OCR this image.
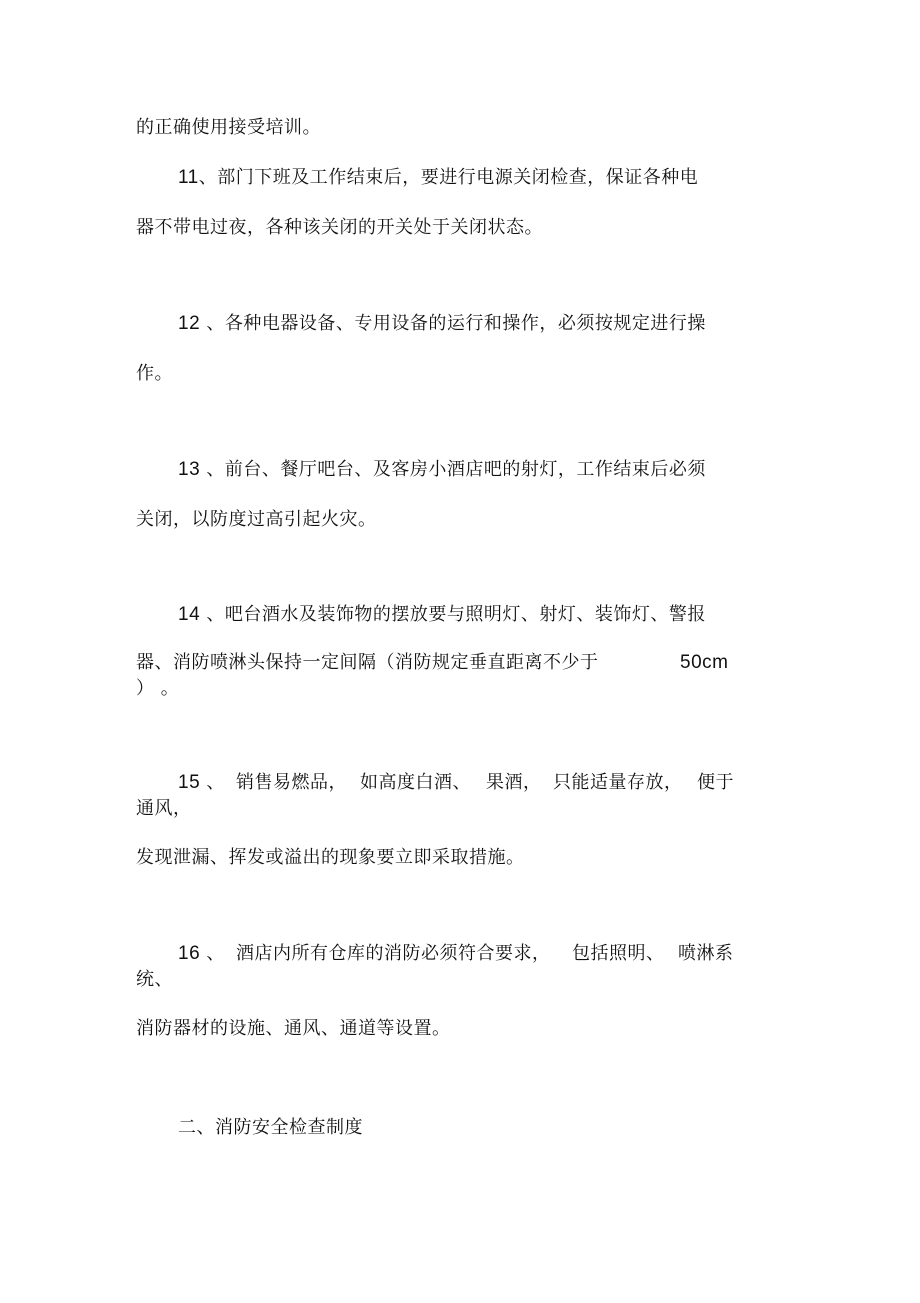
的正确使用接受培训。
11、部门下班及工作结束后，要进行电源关闭检查，保证各种电
器不带电过夜，各种该关闭的开关处于关闭状态。
12 、各种电器设备、专用设备的运行和操作，必须按规定进行操
作。
13 、前台、餐厅吧台、及客房小酒店吧的射灯，工作结束后必须
关闭，以防度过高引起火灾。
14 、吧台酒水及装饰物的摆放要与照明灯、射灯、装饰灯、警报
器、消防喷淋头保持一定间隔（消防规定垂直距离不少于	50cm
） 。
15 、 销售易燃品， 如高度白酒、 果酒， 只能适量存放， 便于
通风，
发现泄漏、挥发或溢出的现象要立即采取措施。
16 、 酒店内所有仓库的消防必须符合要求， 包括照明、 喷淋系
统、
消防器材的设施、通风、通道等设置。
二、消防安全检查制度
